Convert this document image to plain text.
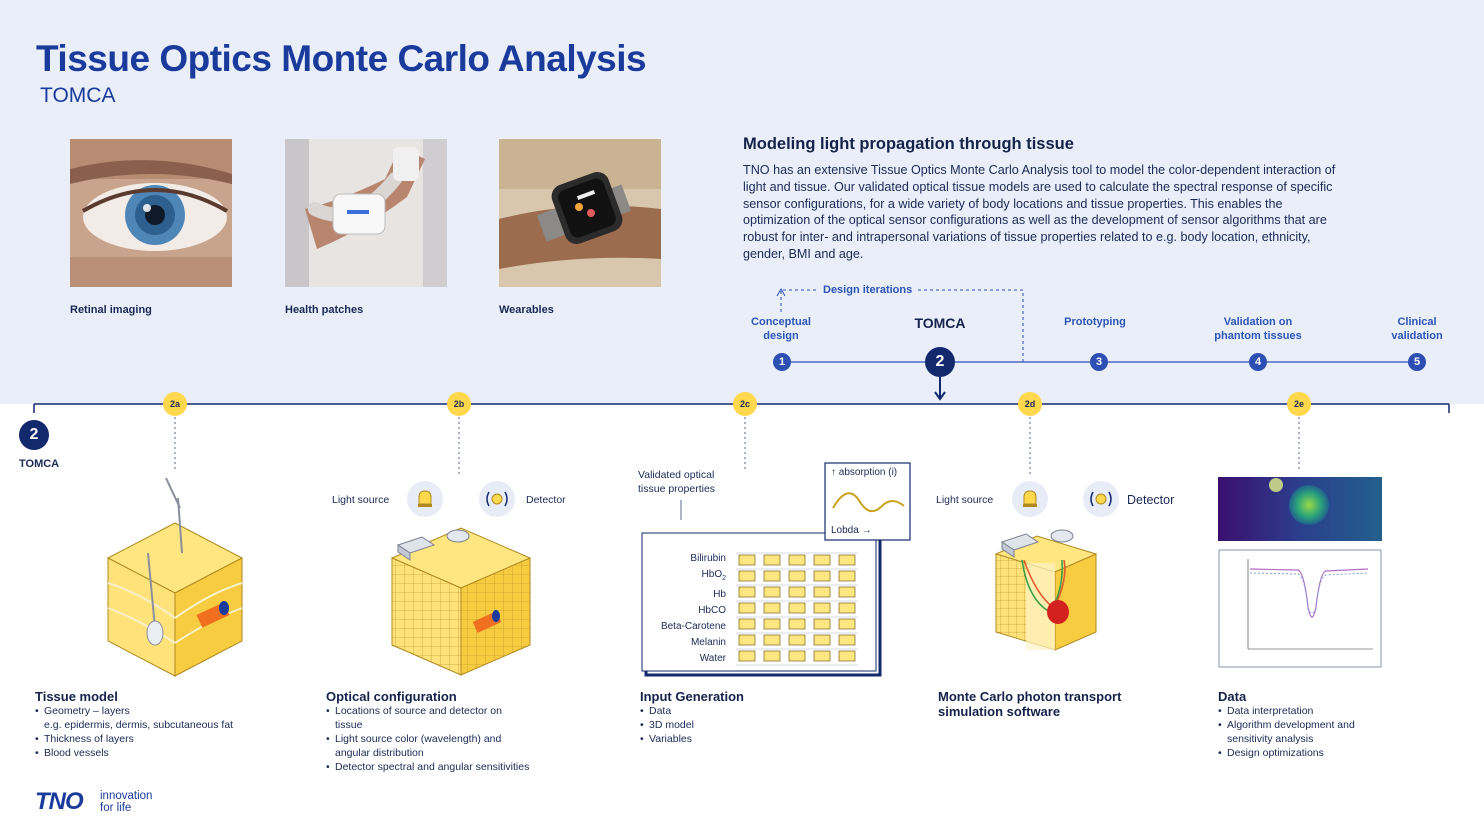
Tissue Optics Monte Carlo Analysis
TOMCA
Retinal imaging	Health patches	Wearables
Modeling light propagation through tissue
TNO has an extensive Tissue Optics Monte Carlo Analysis tool to model the color-dependent interaction of light and tissue. Our validated optical tissue models are used to calculate the spectral response of specific sensor configurations, for a wide variety of body locations and tissue properties. This enables the optimization of the optical sensor configurations as well as the development of sensor algorithms that are robust for inter- and intrapersonal variations of tissue properties related to e.g. body location, ethnicity, gender, BMI and age.
Design iterations
Conceptual
design
1
TOMCA
2
Prototyping
3
Validation on
phantom tissues
4
Clinical
validation
5
2a	2b	2c	2d	2e
2
TOMCA
Tissue model
• Geometry – layers
e.g. epidermis, dermis, subcutaneous fat
• Thickness of layers
• Blood vessels
Light source	Detector
Optical configuration
• Locations of source and detector on
tissue
• Light source color (wavelength) and
angular distribution
• Detector spectral and angular sensitivities
Validated optical
tissue properties
↑ absorption (i)
Lobda →
Bilirubin
HbO$_2$
Hb
HbCO
Beta-Carotene
Melanin
Water
Input Generation
• Data
• 3D model
• Variables
Light source	Detector
Monte Carlo photon transport
simulation software
Data
• Data interpretation
• Algorithm development and
sensitivity analysis
• Design optimizations
TNO innovation
for life
